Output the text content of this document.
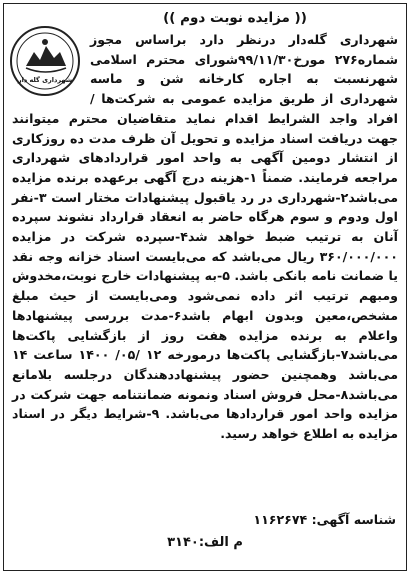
(( مزایده نوبت دوم ))
شهرداری گله دار
شهرداری گله‌دار درنظر دارد براساس مجوز شماره۲۷۶ مورخ۹۹/۱۱/۳۰شورای محترم اسلامی شهرنسبت به اجاره کارخانه شن و ماسه شهرداری از طریق مزایده عمومی به شرکت‌ها / افراد واجد الشرایط اقدام نماید متقاضیان محترم میتوانند جهت دریافت اسناد مزایده و تحویل آن ظرف مدت ده روزکاری از انتشار دومین آگهی به واحد امور قراردادهای شهرداری مراجعه فرمایند. ضمناً ۱-هزینه درج آگهی برعهده برنده مزایده می‌باشد۲-شهرداری در رد یاقبول پیشنهادات مختار است ۳-نفر اول ودوم و سوم هرگاه حاضر به انعقاد قرارداد نشوند سپرده آنان به ترتیب ضبط خواهد شد۴-سپرده شرکت در مزایده ۳۶۰/۰۰۰/۰۰۰ ریال می‌باشد که می‌بایست اسناد خزانه وجه نقد یا ضمانت نامه بانکی باشد. ۵-به پیشنهادات خارج نوبت،مخدوش ومبهم ترتیب اثر داده نمی‌شود ومی‌بایست از حیث مبلغ مشخص،معین وبدون ابهام باشد۶-مدت بررسی پیشنهادها واعلام به برنده مزایده هفت روز از بازگشایی پاکت‌ها می‌باشد۷-بازگشایی پاکت‌ها درمورخه ۱۲ /۰۵/ ۱۴۰۰ ساعت ۱۴ می‌باشد وهمچنین حضور پیشنهاددهندگان درجلسه بلامانع می‌باشد۸-محل فروش اسناد ونمونه ضمانتنامه جهت شرکت در مزایده واحد امور قراردادها می‌باشد. ۹-شرایط دیگر در اسناد مزایده به اطلاع خواهد رسید.
شناسه آگهی: ۱۱۶۲۶۷۴
م الف:۳۱۴۰
